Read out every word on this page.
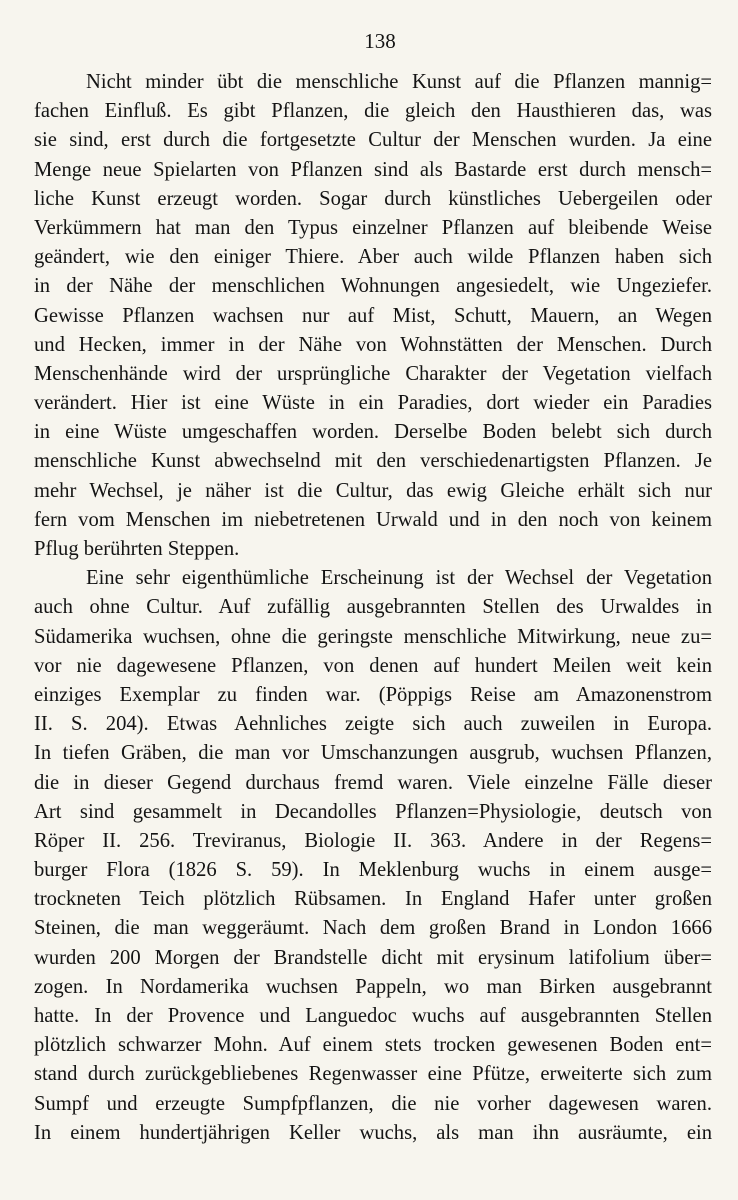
138
Nicht minder übt die menschliche Kunst auf die Pflanzen mannig=
fachen Einfluß. Es gibt Pflanzen, die gleich den Hausthieren das, was
sie sind, erst durch die fortgesetzte Cultur der Menschen wurden. Ja eine
Menge neue Spielarten von Pflanzen sind als Bastarde erst durch mensch=
liche Kunst erzeugt worden. Sogar durch künstliches Uebergeilen oder
Verkümmern hat man den Typus einzelner Pflanzen auf bleibende Weise
geändert, wie den einiger Thiere. Aber auch wilde Pflanzen haben sich
in der Nähe der menschlichen Wohnungen angesiedelt, wie Ungeziefer.
Gewisse Pflanzen wachsen nur auf Mist, Schutt, Mauern, an Wegen
und Hecken, immer in der Nähe von Wohnstätten der Menschen. Durch
Menschenhände wird der ursprüngliche Charakter der Vegetation vielfach
verändert. Hier ist eine Wüste in ein Paradies, dort wieder ein Paradies
in eine Wüste umgeschaffen worden. Derselbe Boden belebt sich durch
menschliche Kunst abwechselnd mit den verschiedenartigsten Pflanzen. Je
mehr Wechsel, je näher ist die Cultur, das ewig Gleiche erhält sich nur
fern vom Menschen im niebetretenen Urwald und in den noch von keinem
Pflug berührten Steppen.
Eine sehr eigenthümliche Erscheinung ist der Wechsel der Vegetation
auch ohne Cultur. Auf zufällig ausgebrannten Stellen des Urwaldes in
Südamerika wuchsen, ohne die geringste menschliche Mitwirkung, neue zu=
vor nie dagewesene Pflanzen, von denen auf hundert Meilen weit kein
einziges Exemplar zu finden war. (Pöppigs Reise am Amazonenstrom
II. S. 204). Etwas Aehnliches zeigte sich auch zuweilen in Europa.
In tiefen Gräben, die man vor Umschanzungen ausgrub, wuchsen Pflanzen,
die in dieser Gegend durchaus fremd waren. Viele einzelne Fälle dieser
Art sind gesammelt in Decandolles Pflanzen=Physiologie, deutsch von
Röper II. 256. Treviranus, Biologie II. 363. Andere in der Regens=
burger Flora (1826 S. 59). In Meklenburg wuchs in einem ausge=
trockneten Teich plötzlich Rübsamen. In England Hafer unter großen
Steinen, die man weggeräumt. Nach dem großen Brand in London 1666
wurden 200 Morgen der Brandstelle dicht mit erysinum latifolium über=
zogen. In Nordamerika wuchsen Pappeln, wo man Birken ausgebrannt
hatte. In der Provence und Languedoc wuchs auf ausgebrannten Stellen
plötzlich schwarzer Mohn. Auf einem stets trocken gewesenen Boden ent=
stand durch zurückgebliebenes Regenwasser eine Pfütze, erweiterte sich zum
Sumpf und erzeugte Sumpfpflanzen, die nie vorher dagewesen waren.
In einem hundertjährigen Keller wuchs, als man ihn ausräumte, ein
